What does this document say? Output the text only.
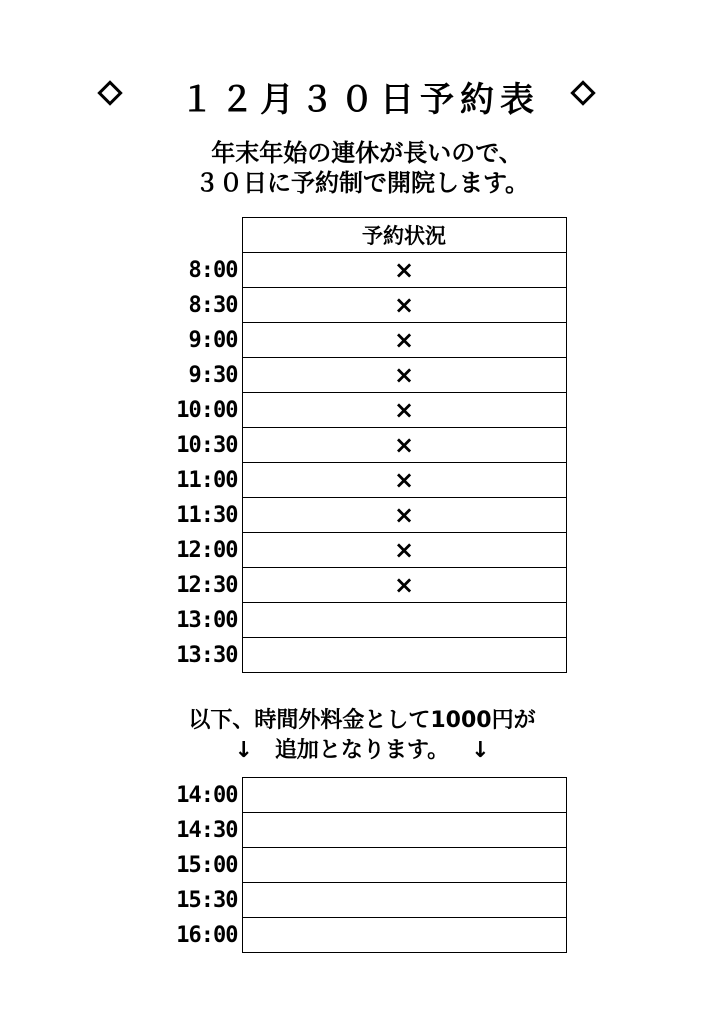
１２月３０日予約表
年末年始の連休が長いので、
３０日に予約制で開院します。
	予約状況
8:00	×
8:30	×
9:00	×
9:30	×
10:00	×
10:30	×
11:00	×
11:30	×
12:00	×
12:30	×
13:00	
13:30	
以下、時間外料金として1000円が
↓ 追加となります。 ↓
14:00	
14:30	
15:00	
15:30	
16:00	
